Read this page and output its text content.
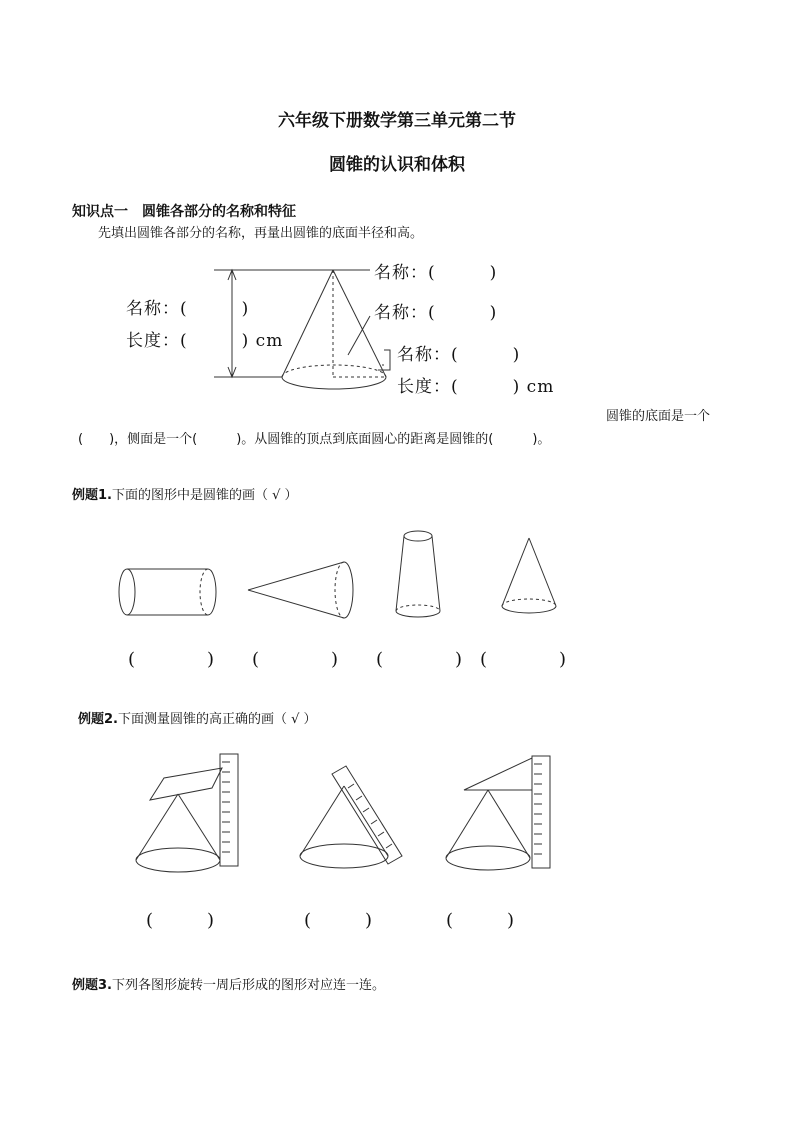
六年级下册数学第三单元第二节
圆锥的认识和体积
知识点一　圆锥各部分的名称和特征
先填出圆锥各部分的名称，再量出圆锥的底面半径和高。
名称：(　　　)
名称：(　　　)
名称：(　　　)
长度：(　　　) cm
名称：(　　　)
长度：(　　　) cm
圆锥的底面是一个
(　　)，侧面是一个(　　　)。从圆锥的顶点到底面圆心的距离是圆锥的(　　　)。
例题1.下面的图形中是圆锥的画（ √ ）
(　　　　) (　　　　) (　　　　) (　　　　)
例题2.下面测量圆锥的高正确的画（ √ ）
(　　　)	(　　　)	(　　　)
例题3.下列各图形旋转一周后形成的图形对应连一连。
